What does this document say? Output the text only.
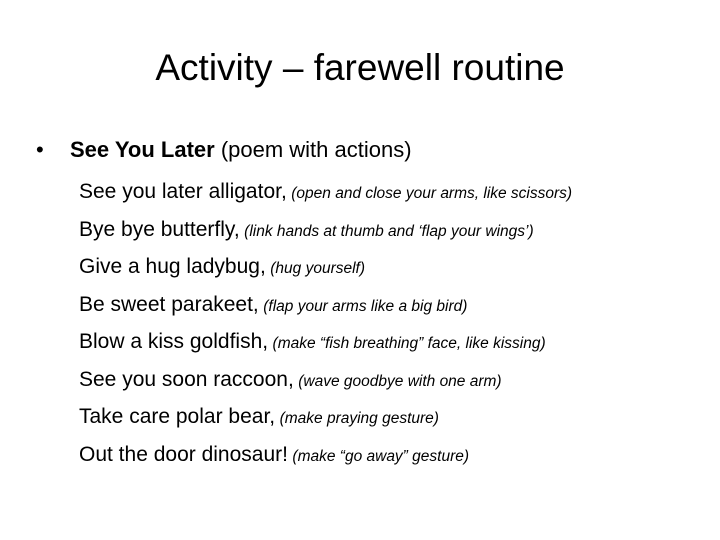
Activity – farewell routine
• See You Later (poem with actions)
See you later alligator, (open and close your arms, like scissors)
Bye bye butterfly, (link hands at thumb and ‘flap your wings’)
Give a hug ladybug, (hug yourself)
Be sweet parakeet, (flap your arms like a big bird)
Blow a kiss goldfish, (make “fish breathing” face, like kissing)
See you soon raccoon, (wave goodbye with one arm)
Take care polar bear, (make praying gesture)
Out the door dinosaur! (make “go away” gesture)
